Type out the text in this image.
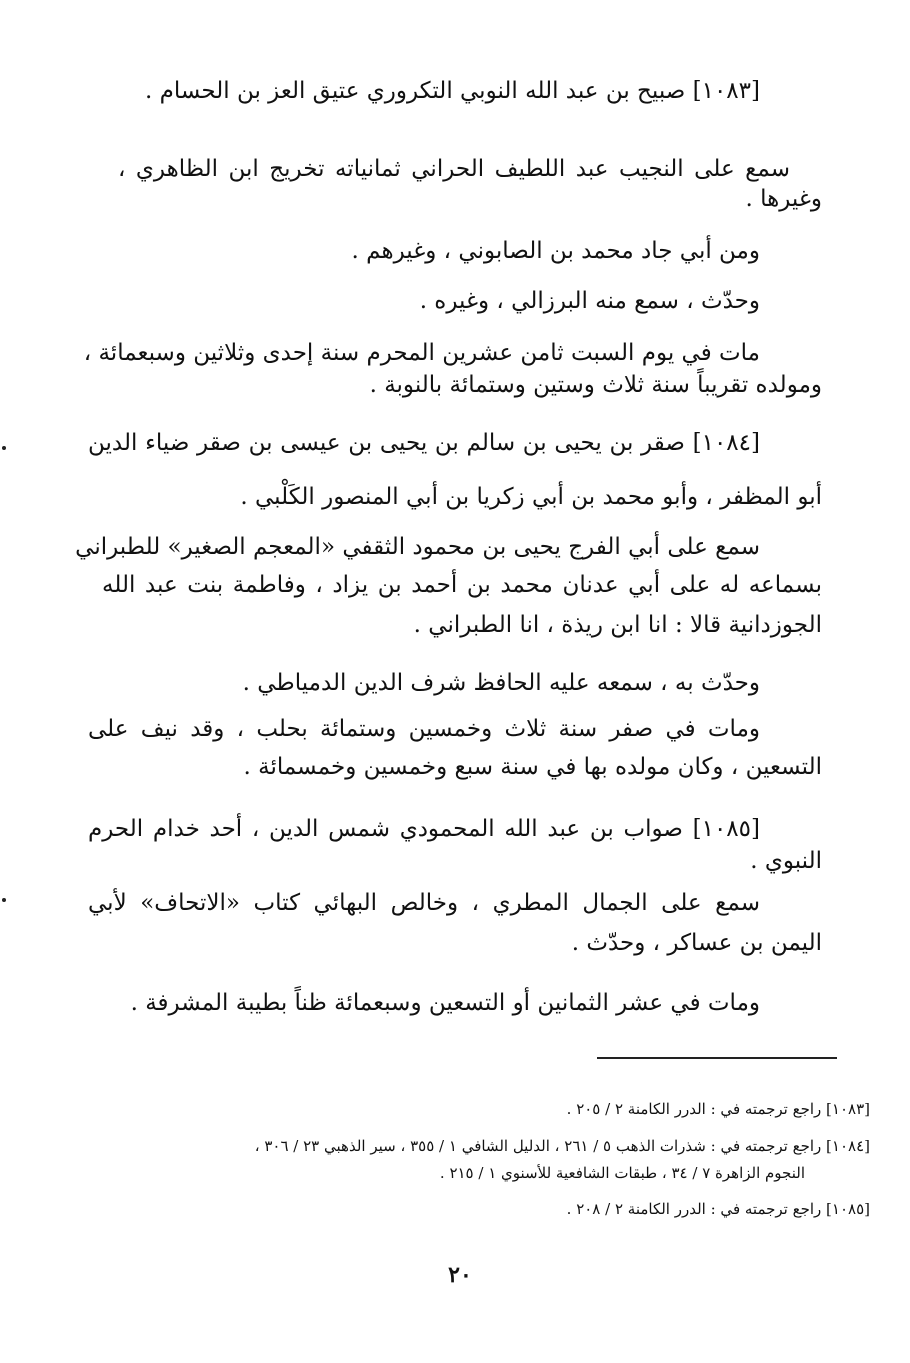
[١٠٨٣] صبيح بن عبد الله النوبي التكروري عتيق العز بن الحسام .
سمع على النجيب عبد اللطيف الحراني ثمانياته تخريج ابن الظاهري ،
وغيرها .
ومن أبي جاد محمد بن الصابوني ، وغيرهم .
وحدّث ، سمع منه البرزالي ، وغيره .
مات في يوم السبت ثامن عشرين المحرم سنة إحدى وثلاثين وسبعمائة ،
ومولده تقريباً سنة ثلاث وستين وستمائة بالنوبة .
[١٠٨٤] صقر بن يحيى بن سالم بن يحيى بن عيسى بن صقر ضياء الدين
أبو المظفر ، وأبو محمد بن أبي زكريا بن أبي المنصور الكَلْبي .
سمع على أبي الفرج يحيى بن محمود الثقفي «المعجم الصغير» للطبراني
بسماعه له على أبي عدنان محمد بن أحمد بن يزاد ، وفاطمة بنت عبد الله
الجوزدانية قالا : انا ابن ريذة ، انا الطبراني .
وحدّث به ، سمعه عليه الحافظ شرف الدين الدمياطي .
ومات في صفر سنة ثلاث وخمسين وستمائة بحلب ، وقد نيف على
التسعين ، وكان مولده بها في سنة سبع وخمسين وخمسمائة .
[١٠٨٥] صواب بن عبد الله المحمودي شمس الدين ، أحد خدام الحرم
النبوي .
سمع على الجمال المطري ، وخالص البهائي كتاب «الاتحاف» لأبي
اليمن بن عساكر ، وحدّث .
ومات في عشر الثمانين أو التسعين وسبعمائة ظناً بطيبة المشرفة .
[١٠٨٣] راجع ترجمته في : الدرر الكامنة ٢ / ٢٠٥ .
[١٠٨٤] راجع ترجمته في : شذرات الذهب ٥ / ٢٦١ ، الدليل الشافي ١ / ٣٥٥ ، سير الذهبي ٢٣ / ٣٠٦ ،
النجوم الزاهرة ٧ / ٣٤ ، طبقات الشافعية للأسنوي ١ / ٢١٥ .
[١٠٨٥] راجع ترجمته في : الدرر الكامنة ٢ / ٢٠٨ .
٢٠
